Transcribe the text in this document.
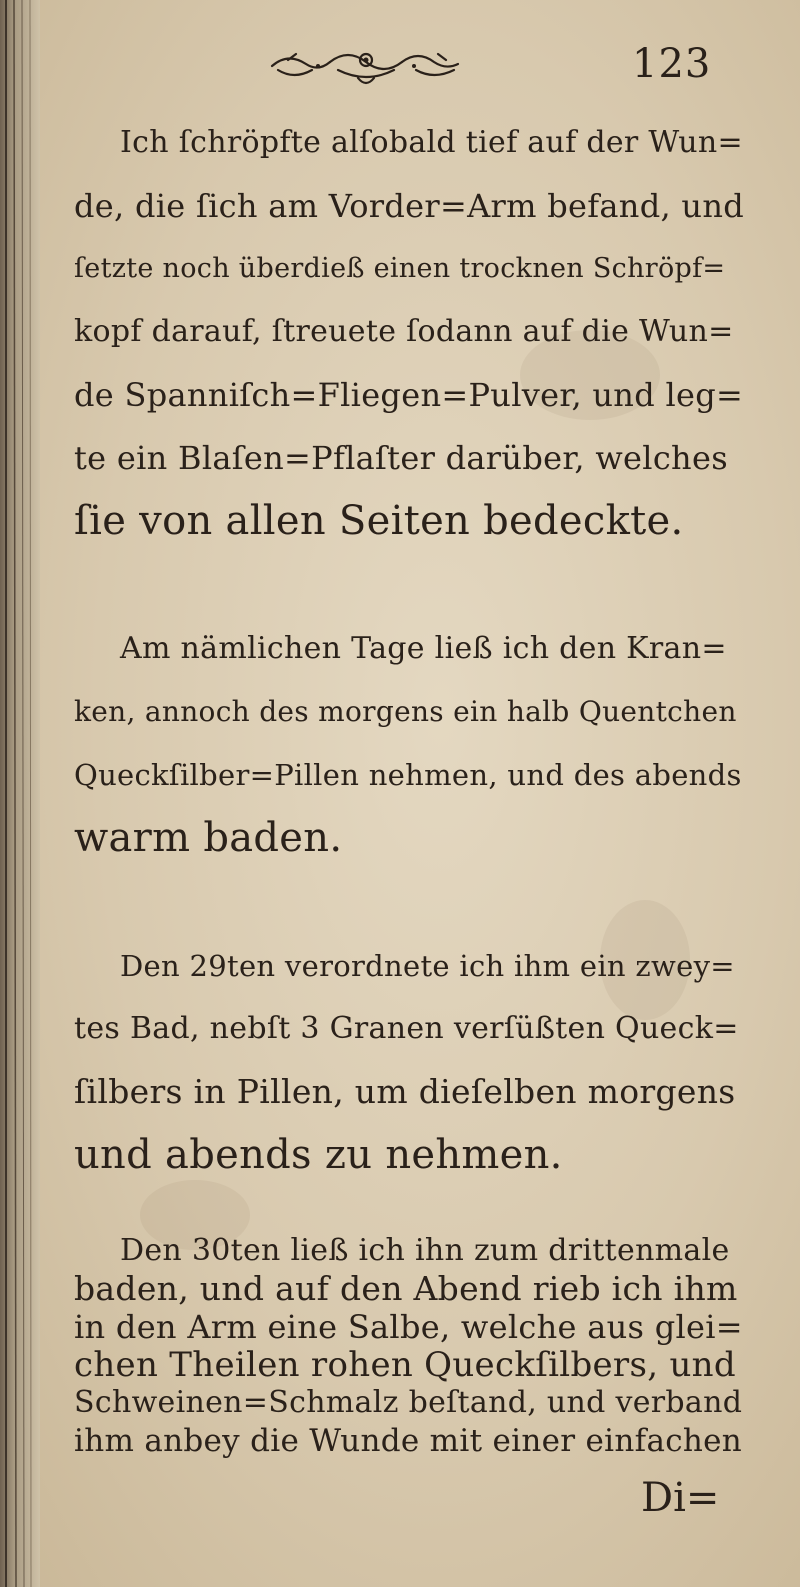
123

Ich ſchröpfte alſobald tief auf der Wun=

de, die ſich am Vorder=Arm befand, und

ſetzte noch überdieß einen trocknen Schröpf=

kopf darauf, ſtreuete ſodann auf die Wun=

de Spanniſch=Fliegen=Pulver, und leg=

te ein Blaſen=Pflaſter darüber, welches

ſie von allen Seiten bedeckte.

Am nämlichen Tage ließ ich den Kran=

ken, annoch des morgens ein halb Quentchen

Queckſilber=Pillen nehmen, und des abends

warm baden.

Den 29ten verordnete ich ihm ein zwey=

tes Bad, nebſt 3 Granen verſüßten Queck=

ſilbers in Pillen, um dieſelben morgens

und abends zu nehmen.

Den 30ten ließ ich ihn zum drittenmale

baden, und auf den Abend rieb ich ihm

in den Arm eine Salbe, welche aus glei=

chen Theilen rohen Queckſilbers, und

Schweinen=Schmalz beſtand, und verband

ihm anbey die Wunde mit einer einfachen

Di=
